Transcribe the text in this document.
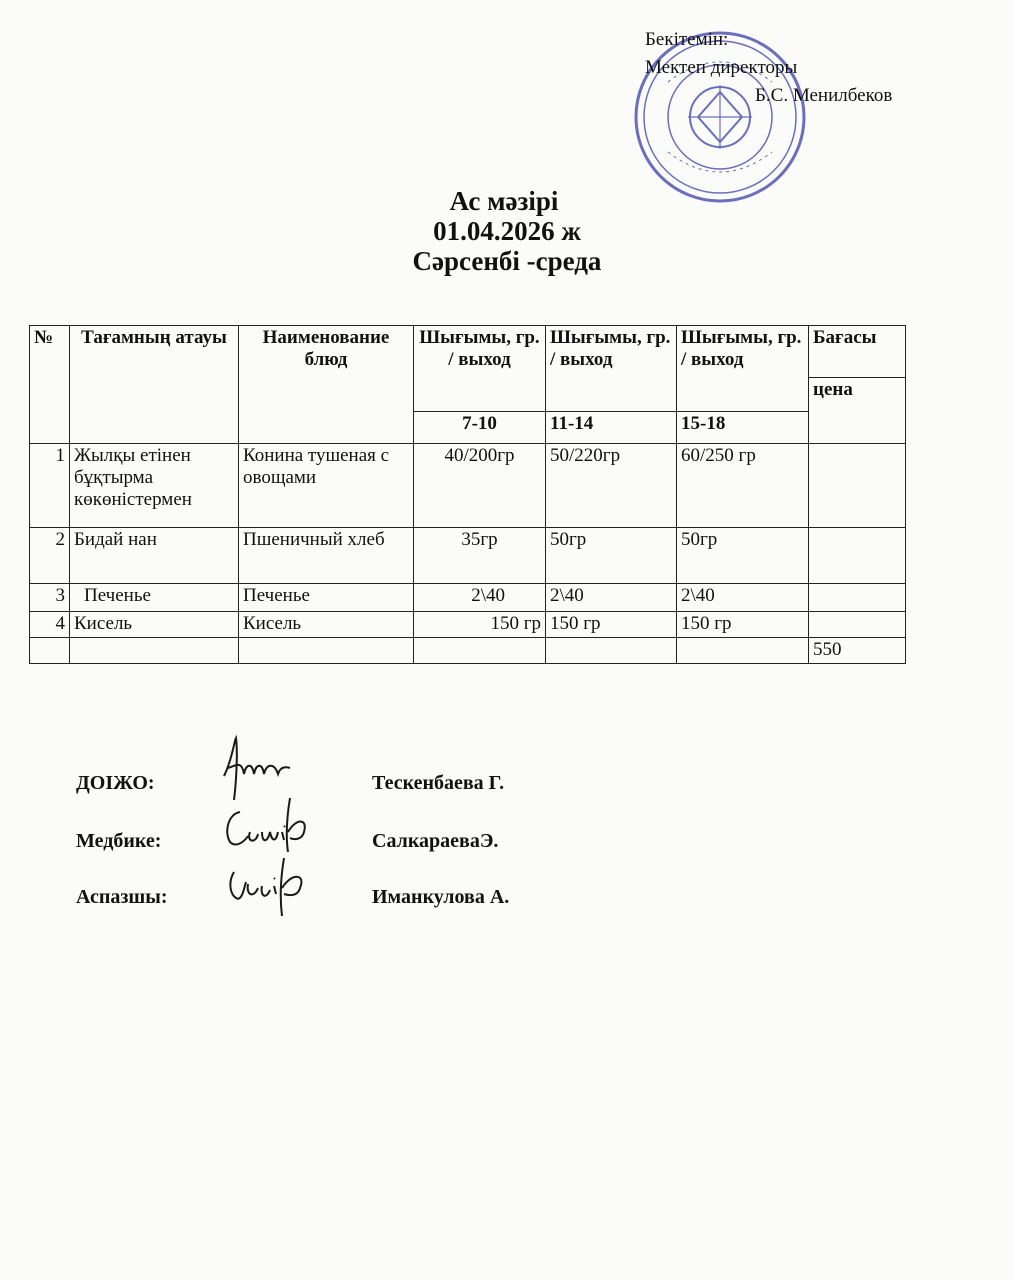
Бекітемін:
Мектеп директоры
Б.С. Менилбеков
Ас мәзірі
01.04.2026 ж
Сәрсенбі -среда
№	Тағамның атауы	Наименование блюд	Шығымы, гр. / выход	Шығымы, гр. / выход	Шығымы, гр. / выход	Бағасы
						цена
			7-10	11-14	15-18	
1	Жылқы етінен бұқтырма көкөністермен	Конина тушеная с овощами	40/200гр	50/220гр	60/250 гр	
2	Бидай нан	Пшеничный хлеб	35гр	50гр	50гр	
3	Печенье	Печенье	2\40	2\40	2\40	
4	Кисель	Кисель	150 гр	150 гр	150 гр	
						550
ДОІЖО:	Тескенбаева Г.
Медбике:	СалкараеваЭ.
Аспазшы:	Иманкулова А.
